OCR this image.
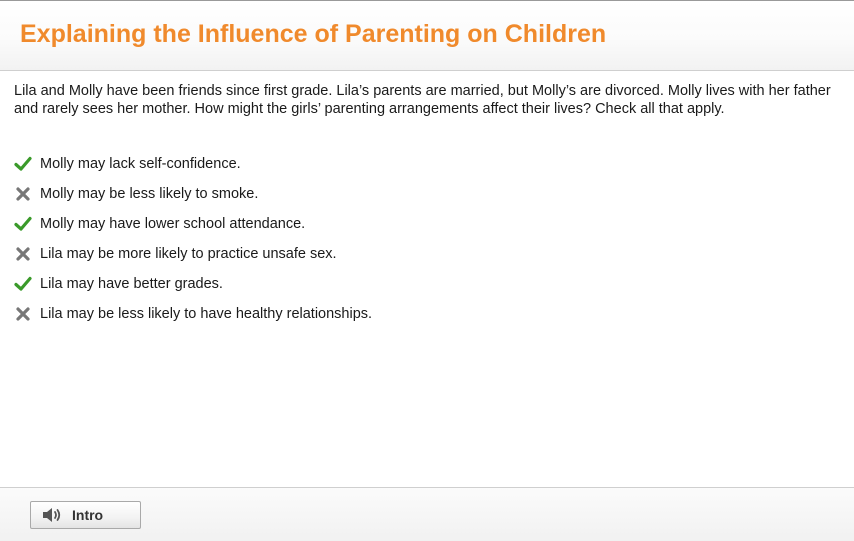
Explaining the Influence of Parenting on Children

Lila and Molly have been friends since first grade. Lila’s parents are married, but Molly’s are divorced. Molly lives with her father and rarely sees her mother. How might the girls’ parenting arrangements affect their lives? Check all that apply.

Molly may lack self-confidence.
Molly may be less likely to smoke.
Molly may have lower school attendance.
Lila may be more likely to practice unsafe sex.
Lila may have better grades.
Lila may be less likely to have healthy relationships.
Intro
